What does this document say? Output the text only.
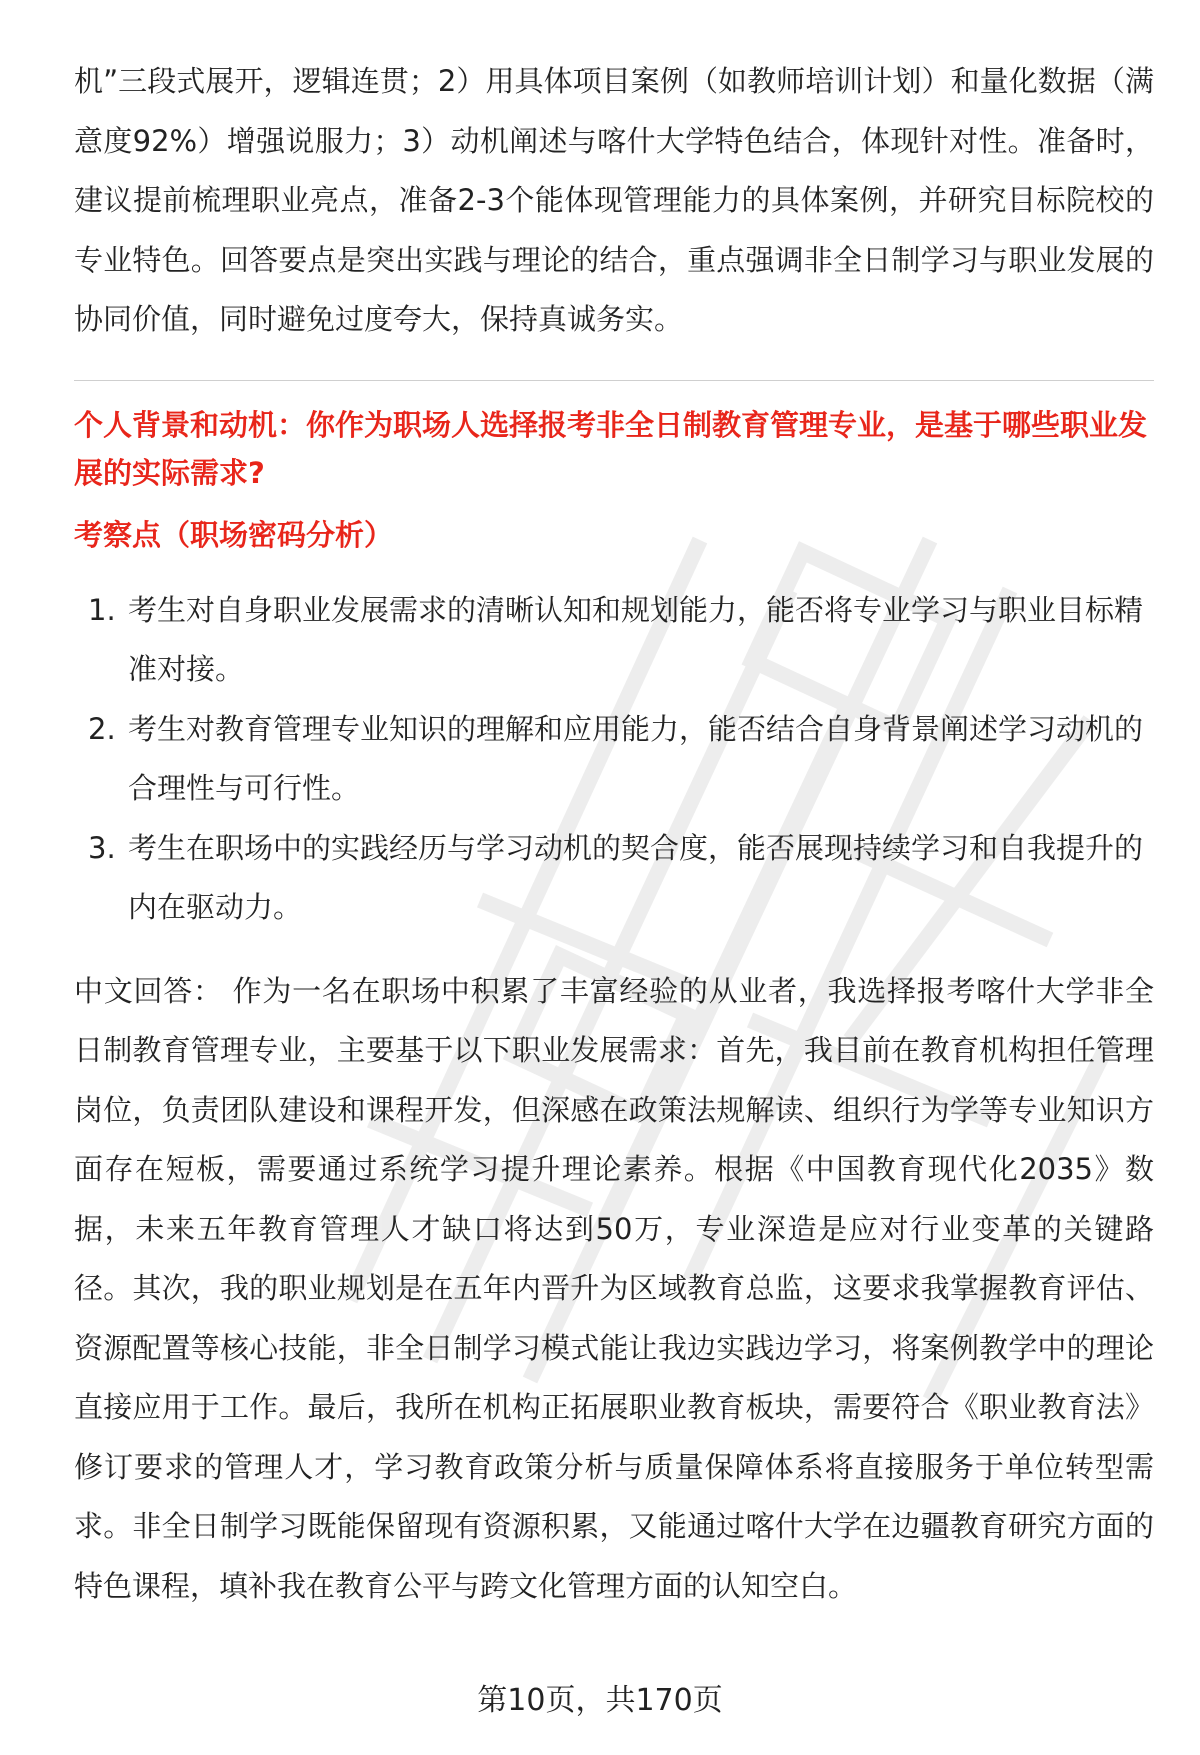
机”三段式展开，逻辑连贯；2）用具体项目案例（如教师培训计划）和量化数据（满意度92%）增强说服力；3）动机阐述与喀什大学特色结合，体现针对性。准备时，建议提前梳理职业亮点，准备2-3个能体现管理能力的具体案例，并研究目标院校的专业特色。回答要点是突出实践与理论的结合，重点强调非全日制学习与职业发展的协同价值，同时避免过度夸大，保持真诚务实。

个人背景和动机：你作为职场人选择报考非全日制教育管理专业，是基于哪些职业发展的实际需求?

考察点（职场密码分析）

1. 考生对自身职业发展需求的清晰认知和规划能力，能否将专业学习与职业目标精准对接。
2. 考生对教育管理专业知识的理解和应用能力，能否结合自身背景阐述学习动机的合理性与可行性。
3. 考生在职场中的实践经历与学习动机的契合度，能否展现持续学习和自我提升的内在驱动力。

中文回答： 作为一名在职场中积累了丰富经验的从业者，我选择报考喀什大学非全日制教育管理专业，主要基于以下职业发展需求：首先，我目前在教育机构担任管理岗位，负责团队建设和课程开发，但深感在政策法规解读、组织行为学等专业知识方面存在短板，需要通过系统学习提升理论素养。根据《中国教育现代化2035》数据，未来五年教育管理人才缺口将达到50万，专业深造是应对行业变革的关键路径。其次，我的职业规划是在五年内晋升为区域教育总监，这要求我掌握教育评估、资源配置等核心技能，非全日制学习模式能让我边实践边学习，将案例教学中的理论直接应用于工作。最后，我所在机构正拓展职业教育板块，需要符合《职业教育法》修订要求的管理人才，学习教育政策分析与质量保障体系将直接服务于单位转型需求。非全日制学习既能保留现有资源积累，又能通过喀什大学在边疆教育研究方面的特色课程，填补我在教育公平与跨文化管理方面的认知空白。

第10页，共170页
